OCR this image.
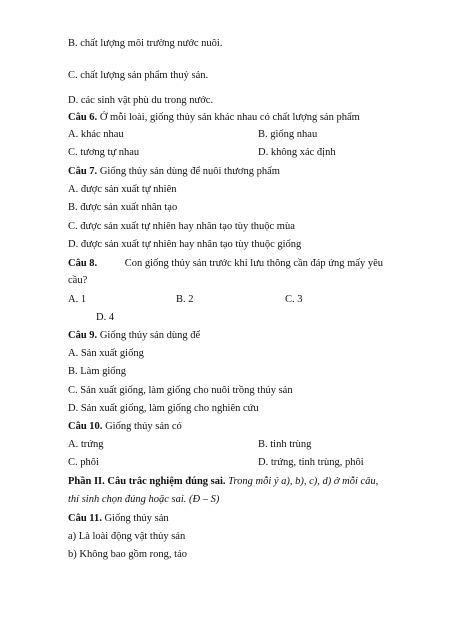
B. chất lượng môi trường nước nuôi.
C. chất lượng sản phẩm thuỷ sản.
D. các sinh vật phù du trong nước.
Câu 6. Ở mỗi loài, giống thủy sản khác nhau có chất lượng sản phẩm
A. khác nhau	B. giống nhau
C. tương tự nhau	D. không xác định
Câu 7. Giống thủy sản dùng để nuôi thương phẩm
A. được sản xuất tự nhiên
B. được sản xuất nhân tạo
C. được sản xuất tự nhiên hay nhân tạo tùy thuộc mùa
D. được sản xuất tự nhiên hay nhân tạo tùy thuộc giống
Câu 8.	Con giống thủy sản trước khi lưu thông cần đáp ứng mấy yêu
cầu?
A. 1	B. 2	C. 3
D. 4
Câu 9. Giống thủy sản dùng để
A. Sản xuất giống
B. Làm giống
C. Sản xuất giống, làm giống cho nuôi trồng thủy sản
D. Sản xuất giống, làm giống cho nghiên cứu
Câu 10. Giống thủy sản có
A. trứng	B. tinh trùng
C. phôi	D. trứng, tinh trùng, phôi
Phần II. Câu trắc nghiệm đúng sai. Trong mỗi ý a), b), c), d) ở mỗi câu,
thí sinh chọn đúng hoặc sai. (Đ – S)
Câu 11. Giống thủy sản
a) Là loài động vật thủy sản
b) Không bao gồm rong, tảo
